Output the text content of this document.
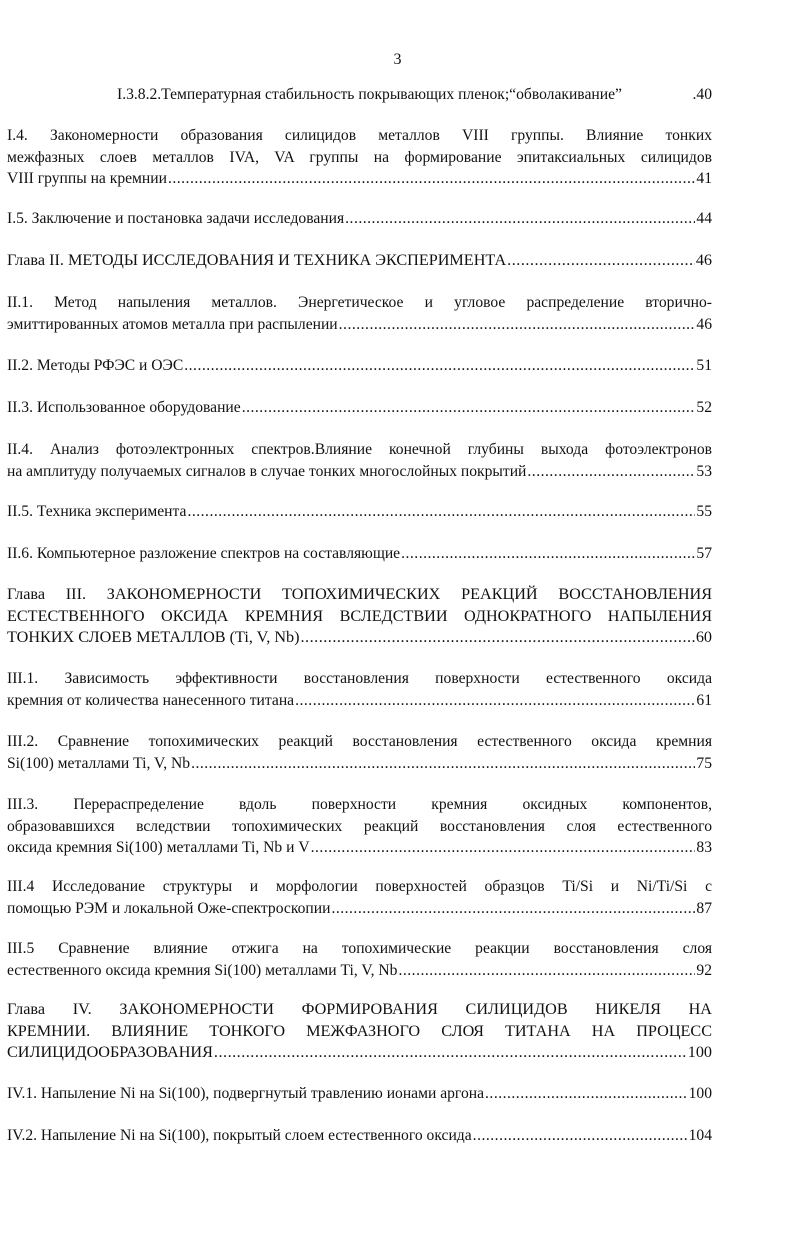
3
I.3.8.2.Температурная стабильность покрывающих пленок;“обволакивание”	. 40
I.4. Закономерности образования силицидов металлов VIII группы. Влияние тонких
межфазных слоев металлов IVA, VA группы на формирование эпитаксиальных силицидов
VIII группы на кремнии .....	41
I.5. Заключение и постановка задачи исследования .....	44
Глава II. МЕТОДЫ ИССЛЕДОВАНИЯ И ТЕХНИКА ЭКСПЕРИМЕНТА .....	46
II.1. Метод напыления металлов. Энергетическое и угловое распределение вторично-
эмиттированных атомов металла при распылении .....	46
II.2. Методы РФЭС и ОЭС .....	51
II.3. Использованное оборудование .....	52
II.4. Анализ фотоэлектронных спектров.Влияние конечной глубины выхода фотоэлектронов
на амплитуду получаемых сигналов в случае тонких многослойных покрытий .....	53
II.5. Техника эксперимента .....	55
II.6. Компьютерное разложение спектров на составляющие .....	57
Глава III. ЗАКОНОМЕРНОСТИ ТОПОХИМИЧЕСКИХ РЕАКЦИЙ ВОССТАНОВЛЕНИЯ
ЕСТЕСТВЕННОГО ОКСИДА КРЕМНИЯ ВСЛЕДСТВИИ ОДНОКРАТНОГО НАПЫЛЕНИЯ
ТОНКИХ СЛОЕВ МЕТАЛЛОВ (Ti, V, Nb) .....	60
III.1. Зависимость эффективности восстановления поверхности естественного оксида
кремния от количества нанесенного титана .....	61
III.2. Сравнение топохимических реакций восстановления естественного оксида кремния
Si(100) металлами Ti, V, Nb .....	75
III.3. Перераспределение вдоль поверхности кремния оксидных компонентов,
образовавшихся вследствии топохимических реакций восстановления слоя естественного
оксида кремния Si(100) металлами Ti, Nb и V .....	83
III.4 Исследование структуры и морфологии поверхностей образцов Ti/Si и Ni/Ti/Si с
помощью РЭМ и локальной Оже-спектроскопии .....	87
III.5 Сравнение влияние отжига на топохимические реакции восстановления слоя
естественного оксида кремния Si(100) металлами Ti, V, Nb .....	92
Глава IV. ЗАКОНОМЕРНОСТИ ФОРМИРОВАНИЯ СИЛИЦИДОВ НИКЕЛЯ НА
КРЕМНИИ. ВЛИЯНИЕ ТОНКОГО МЕЖФАЗНОГО СЛОЯ ТИТАНА НА ПРОЦЕСС
СИЛИЦИДООБРАЗОВАНИЯ .....	100
IV.1. Напыление Ni на Si(100), подвергнутый травлению ионами аргона .....	100
IV.2. Напыление Ni на Si(100), покрытый слоем естественного оксида .....	104
